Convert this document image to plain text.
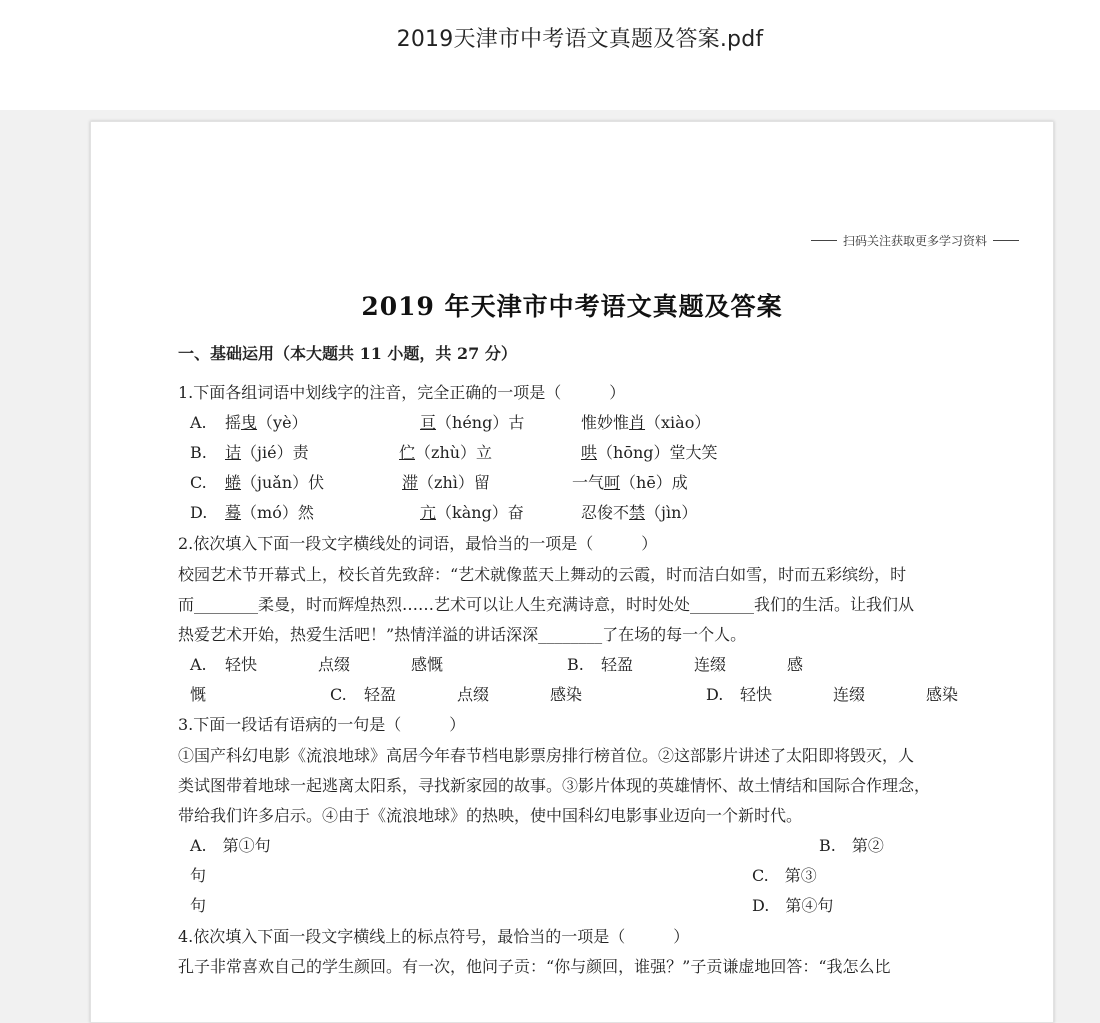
2019天津市中考语文真题及答案.pdf
扫码关注获取更多学习资料
2019 年天津市中考语文真题及答案
一、基础运用（本大题共 11 小题，共 27 分）
1.下面各组词语中划线字的注音，完全正确的一项是（　　　）
A. 摇曳（yè）	亘（héng）古	惟妙惟肖（xiào）
B. 诘（jié）责	伫（zhù）立	哄（hōng）堂大笑
C. 蜷（juǎn）伏	滞（zhì）留	一气呵（hē）成
D. 蓦（mó）然	亢（kàng）奋	忍俊不禁（jìn）
2.依次填入下面一段文字横线处的词语，最恰当的一项是（　　　）
校园艺术节开幕式上，校长首先致辞：“艺术就像蓝天上舞动的云霞，时而洁白如雪，时而五彩缤纷，时
而________柔曼，时而辉煌热烈……艺术可以让人生充满诗意，时时处处________我们的生活。让我们从
热爱艺术开始，热爱生活吧！”热情洋溢的讲话深深________了在场的每一个人。
A. 轻快	点缀	感慨	B. 轻盈	连缀	感
慨	C. 轻盈	点缀	感染	D. 轻快	连缀	感染
3.下面一段话有语病的一句是（　　　）
①国产科幻电影《流浪地球》高居今年春节档电影票房排行榜首位。②这部影片讲述了太阳即将毁灭，人
类试图带着地球一起逃离太阳系，寻找新家园的故事。③影片体现的英雄情怀、故土情结和国际合作理念，
带给我们许多启示。④由于《流浪地球》的热映，使中国科幻电影事业迈向一个新时代。
A.　第①句	B.　第②
句	C.　第③
句	D.　第④句
4.依次填入下面一段文字横线上的标点符号，最恰当的一项是（　　　）
孔子非常喜欢自己的学生颜回。有一次，他问子贡：“你与颜回，谁强？”子贡谦虚地回答：“我怎么比
